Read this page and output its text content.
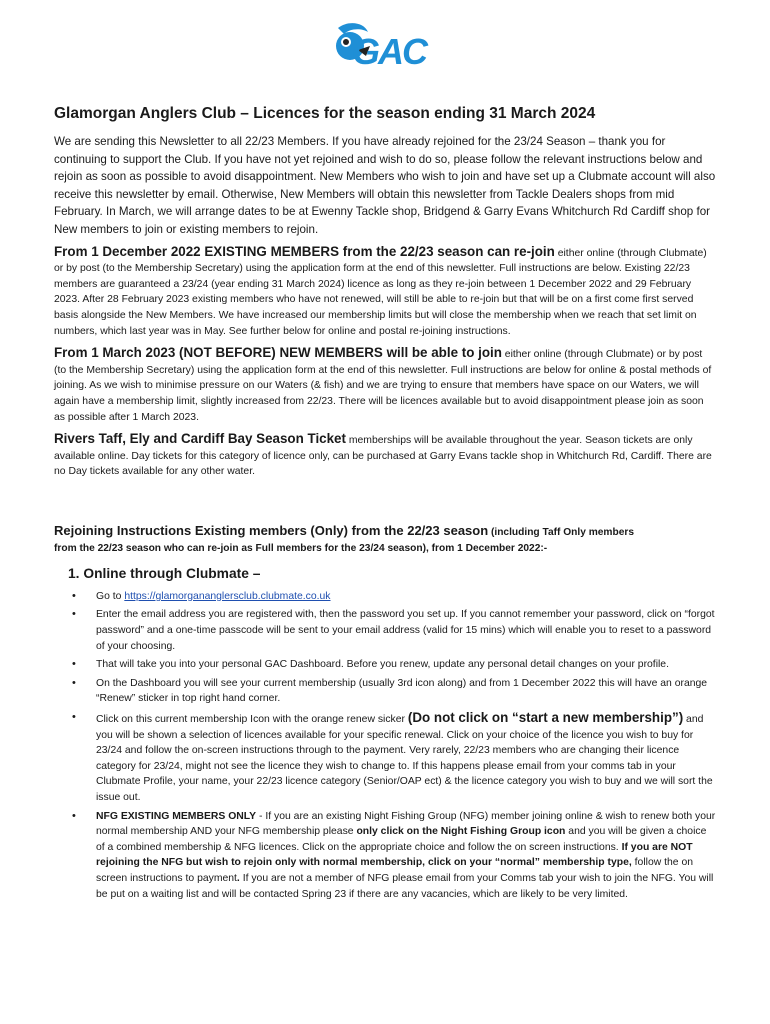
GAC
Glamorgan Anglers Club – Licences for the season ending 31 March 2024

We are sending this Newsletter to all 22/23 Members. If you have already rejoined for the 23/24 Season – thank you for continuing to support the Club. If you have not yet rejoined and wish to do so, please follow the relevant instructions below and rejoin as soon as possible to avoid disappointment. New Members who wish to join and have set up a Clubmate account will also receive this newsletter by email. Otherwise, New Members will obtain this newsletter from Tackle Dealers shops from mid February. In March, we will arrange dates to be at Ewenny Tackle shop, Bridgend & Garry Evans Whitchurch Rd Cardiff shop for New members to join or existing members to rejoin.

From 1 December 2022 EXISTING MEMBERS from the 22/23 season can re-join either online (through Clubmate) or by post (to the Membership Secretary) using the application form at the end of this newsletter. Full instructions are below. Existing 22/23 members are guaranteed a 23/24 (year ending 31 March 2024) licence as long as they re-join between 1 December 2022 and 29 February 2023. After 28 February 2023 existing members who have not renewed, will still be able to re-join but that will be on a first come first served basis alongside the New Members. We have increased our membership limits but will close the membership when we reach that set limit on numbers, which last year was in May. See further below for online and postal re-joining instructions.

From 1 March 2023 (NOT BEFORE) NEW MEMBERS will be able to join either online (through Clubmate) or by post (to the Membership Secretary) using the application form at the end of this newsletter. Full instructions are below for online & postal methods of joining. As we wish to minimise pressure on our Waters (& fish) and we are trying to ensure that members have space on our Waters, we will again have a membership limit, slightly increased from 22/23. There will be licences available but to avoid disappointment please join as soon as possible after 1 March 2023.

Rivers Taff, Ely and Cardiff Bay Season Ticket memberships will be available throughout the year. Season tickets are only available online. Day tickets for this category of licence only, can be purchased at Garry Evans tackle shop in Whitchurch Rd, Cardiff. There are no Day tickets available for any other water.

Rejoining Instructions Existing members (Only) from the 22/23 season (including Taff Only members

from the 22/23 season who can re-join as Full members for the 23/24 season), from 1 December 2022:-

1. Online through Clubmate –
• Go to https://glamorgananglersclub.clubmate.co.uk
• Enter the email address you are registered with, then the password you set up. If you cannot remember your password, click on “forgot password” and a one-time passcode will be sent to your email address (valid for 15 mins) which will enable you to reset to a password of your choosing.
• That will take you into your personal GAC Dashboard. Before you renew, update any personal detail changes on your profile.
• On the Dashboard you will see your current membership (usually 3rd icon along) and from 1 December 2022 this will have an orange “Renew” sticker in top right hand corner.
• Click on this current membership Icon with the orange renew sicker (Do not click on “start a new membership”) and you will be shown a selection of licences available for your specific renewal. Click on your choice of the licence you wish to buy for 23/24 and follow the on-screen instructions through to the payment. Very rarely, 22/23 members who are changing their licence category for 23/24, might not see the licence they wish to change to. If this happens please email from your comms tab in your Clubmate Profile, your name, your 22/23 licence category (Senior/OAP ect) & the licence category you wish to buy and we will sort the issue out.
• NFG EXISTING MEMBERS ONLY - If you are an existing Night Fishing Group (NFG) member joining online & wish to renew both your normal membership AND your NFG membership please only click on the Night Fishing Group icon and you will be given a choice of a combined membership & NFG licences. Click on the appropriate choice and follow the on screen instructions. If you are NOT rejoining the NFG but wish to rejoin only with normal membership, click on your “normal” membership type, follow the on screen instructions to payment. If you are not a member of NFG please email from your Comms tab your wish to join the NFG. You will be put on a waiting list and will be contacted Spring 23 if there are any vacancies, which are likely to be very limited.
